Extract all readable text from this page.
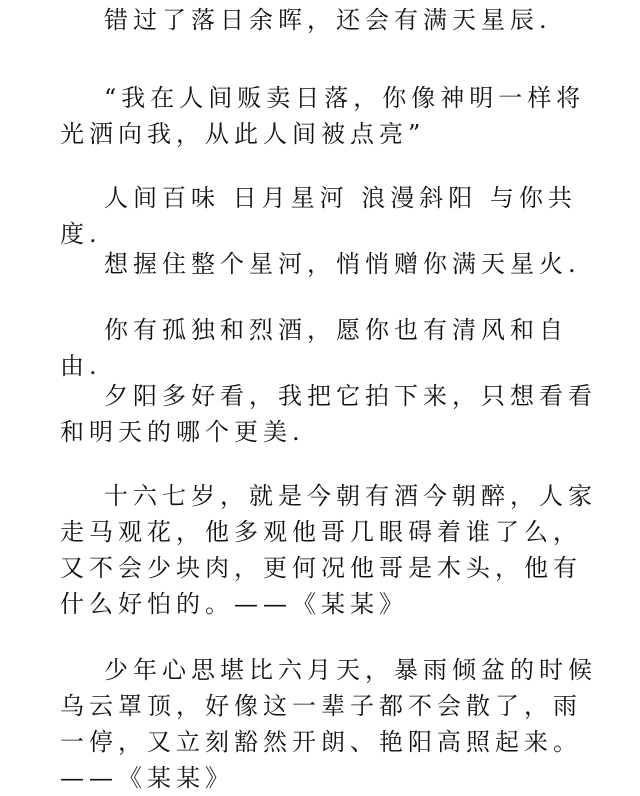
错过了落日余晖，还会有满天星辰.

“我在人间贩卖日落，你像神明一样将光洒向我，从此人间被点亮”

人间百味 日月星河 浪漫斜阳 与你共度.

想握住整个星河，悄悄赠你满天星火.

你有孤独和烈酒，愿你也有清风和自由.

夕阳多好看，我把它拍下来，只想看看和明天的哪个更美.

十六七岁，就是今朝有酒今朝醉，人家走马观花，他多观他哥几眼碍着谁了么，又不会少块肉，更何况他哥是木头，他有什么好怕的。——《某某》

少年心思堪比六月天，暴雨倾盆的时候乌云罩顶，好像这一辈子都不会散了，雨一停，又立刻豁然开朗、艳阳高照起来。——《某某》
